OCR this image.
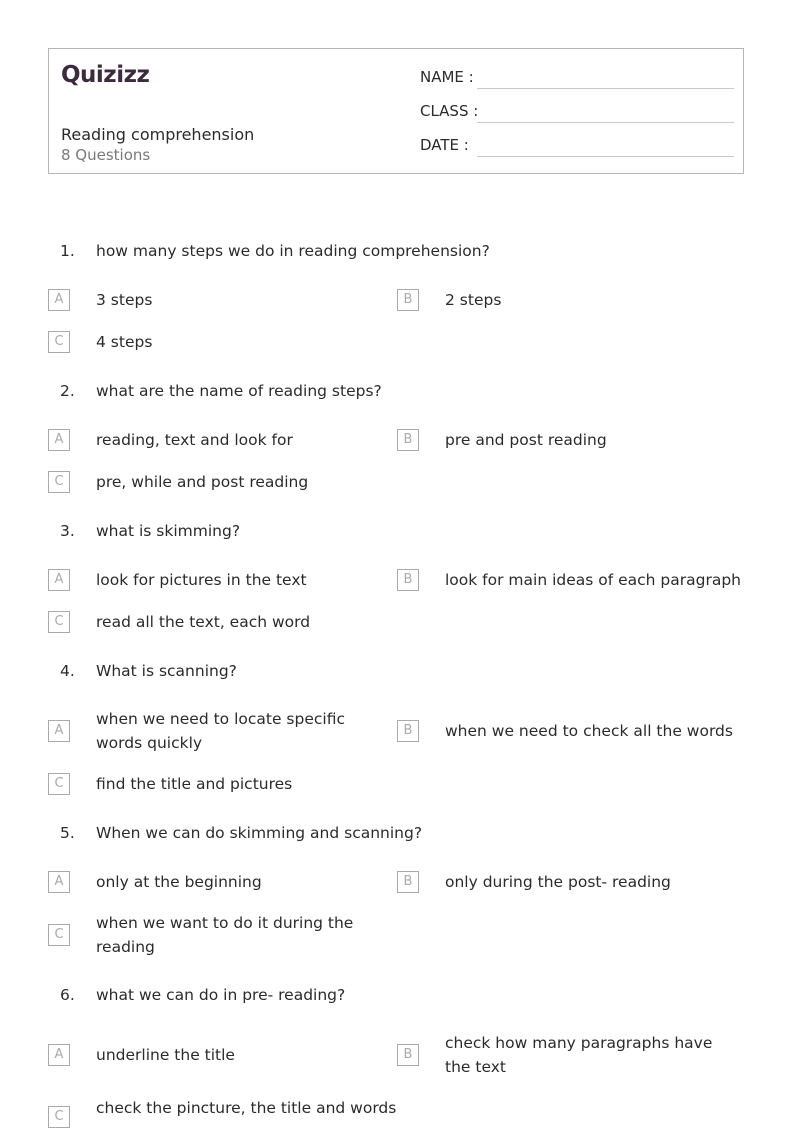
Quizizz
Reading comprehension
8 Questions
NAME :
CLASS :
DATE :
1. how many steps we do in reading comprehension?
A	3 steps	B	2 steps
C	4 steps
2. what are the name of reading steps?
A	reading, text and look for	B	pre and post reading
C	pre, while and post reading
3. what is skimming?
A	look for pictures in the text	B	look for main ideas of each paragraph
C	read all the text, each word
4. What is scanning?
A
when we need to locate specific words quickly
B	when we need to check all the words
C	find the title and pictures
5. When we can do skimming and scanning?
A	only at the beginning	B	only during the post- reading
C
when we want to do it during the reading
6. what we can do in pre- reading?
A	underline the title	B
check how many paragraphs have the text
C	check the pincture, the title and words
